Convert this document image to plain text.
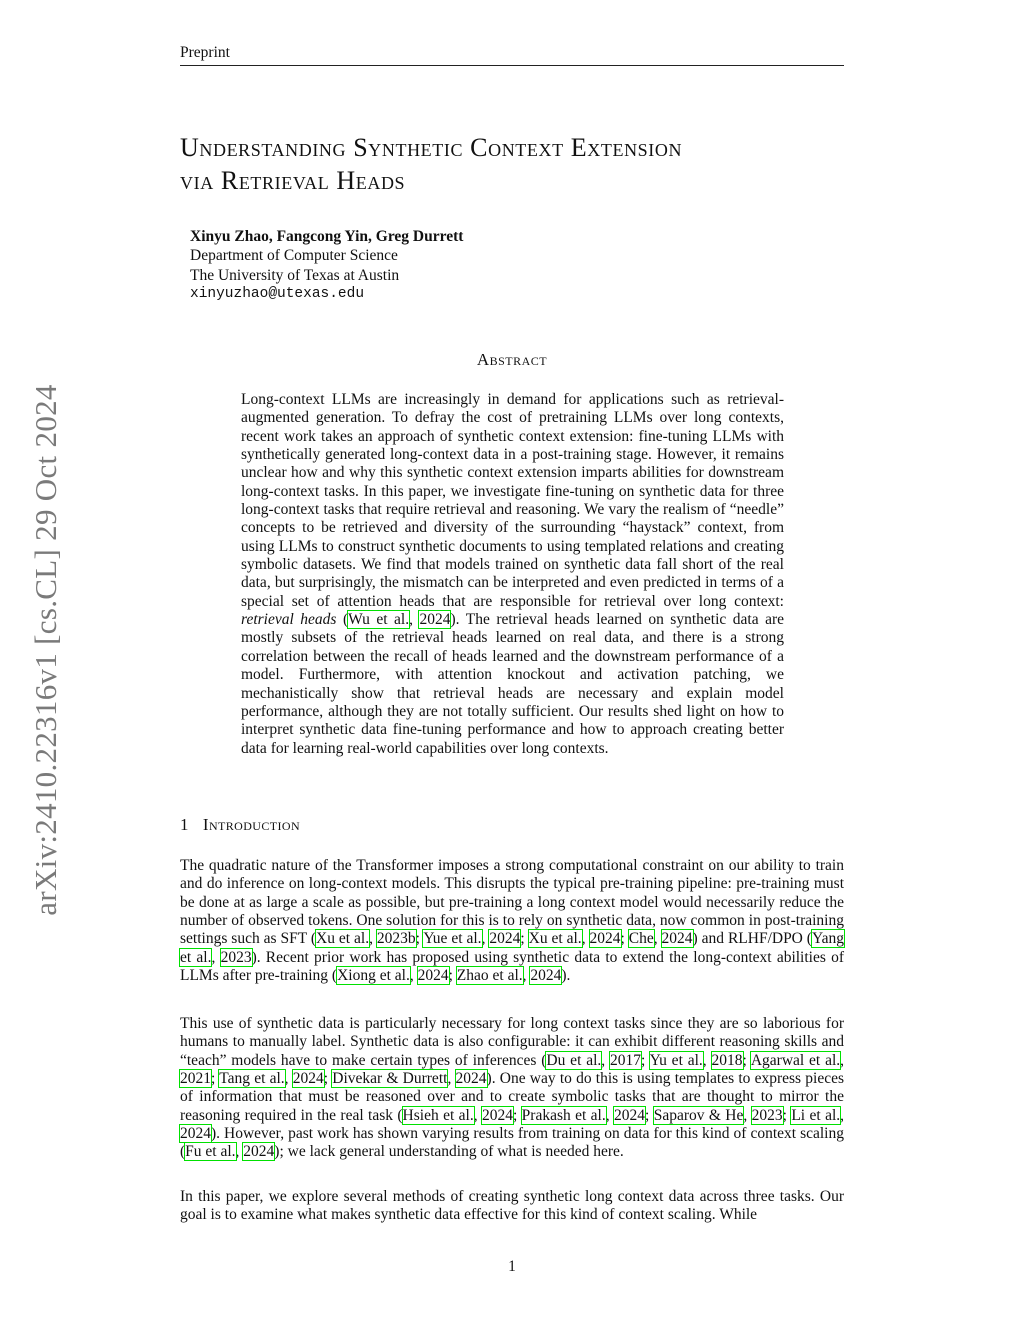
Preprint
arXiv:2410.22316v1 [cs.CL] 29 Oct 2024
Understanding Synthetic Context Extension
via Retrieval Heads
Xinyu Zhao, Fangcong Yin, Greg Durrett
Department of Computer Science
The University of Texas at Austin
xinyuzhao@utexas.edu
Abstract

Long-context LLMs are increasingly in demand for applications such as retrieval-augmented generation. To defray the cost of pretraining LLMs over long contexts, recent work takes an approach of synthetic context extension: fine-tuning LLMs with synthetically generated long-context data in a post-training stage. However, it remains unclear how and why this synthetic context extension imparts abilities for downstream long-context tasks. In this paper, we investigate fine-tuning on synthetic data for three long-context tasks that require retrieval and reasoning. We vary the realism of “needle” concepts to be retrieved and diversity of the surrounding “haystack” context, from using LLMs to construct synthetic documents to using templated relations and creating symbolic datasets. We find that models trained on synthetic data fall short of the real data, but surprisingly, the mismatch can be interpreted and even predicted in terms of a special set of attention heads that are responsible for retrieval over long context: retrieval heads (Wu et al., 2024). The retrieval heads learned on synthetic data are mostly subsets of the retrieval heads learned on real data, and there is a strong correlation between the recall of heads learned and the downstream performance of a model. Furthermore, with attention knockout and activation patching, we mechanistically show that retrieval heads are necessary and explain model performance, although they are not totally sufficient. Our results shed light on how to interpret synthetic data fine-tuning performance and how to approach creating better data for learning real-world capabilities over long contexts.

1 Introduction

The quadratic nature of the Transformer imposes a strong computational constraint on our ability to train and do inference on long-context models. This disrupts the typical pre-training pipeline: pre-training must be done at as large a scale as possible, but pre-training a long context model would necessarily reduce the number of observed tokens. One solution for this is to rely on synthetic data, now common in post-training settings such as SFT (Xu et al., 2023b; Yue et al., 2024; Xu et al., 2024; Che, 2024) and RLHF/DPO (Yang et al., 2023). Recent prior work has proposed using synthetic data to extend the long-context abilities of LLMs after pre-training (Xiong et al., 2024; Zhao et al., 2024).

This use of synthetic data is particularly necessary for long context tasks since they are so laborious for humans to manually label. Synthetic data is also configurable: it can exhibit different reasoning skills and “teach” models have to make certain types of inferences (Du et al., 2017; Yu et al., 2018; Agarwal et al., 2021; Tang et al., 2024; Divekar & Durrett, 2024). One way to do this is using templates to express pieces of information that must be reasoned over and to create symbolic tasks that are thought to mirror the reasoning required in the real task (Hsieh et al., 2024; Prakash et al., 2024; Saparov & He, 2023; Li et al., 2024). However, past work has shown varying results from training on data for this kind of context scaling (Fu et al., 2024); we lack general understanding of what is needed here.

In this paper, we explore several methods of creating synthetic long context data across three tasks. Our goal is to examine what makes synthetic data effective for this kind of context scaling. While

1
